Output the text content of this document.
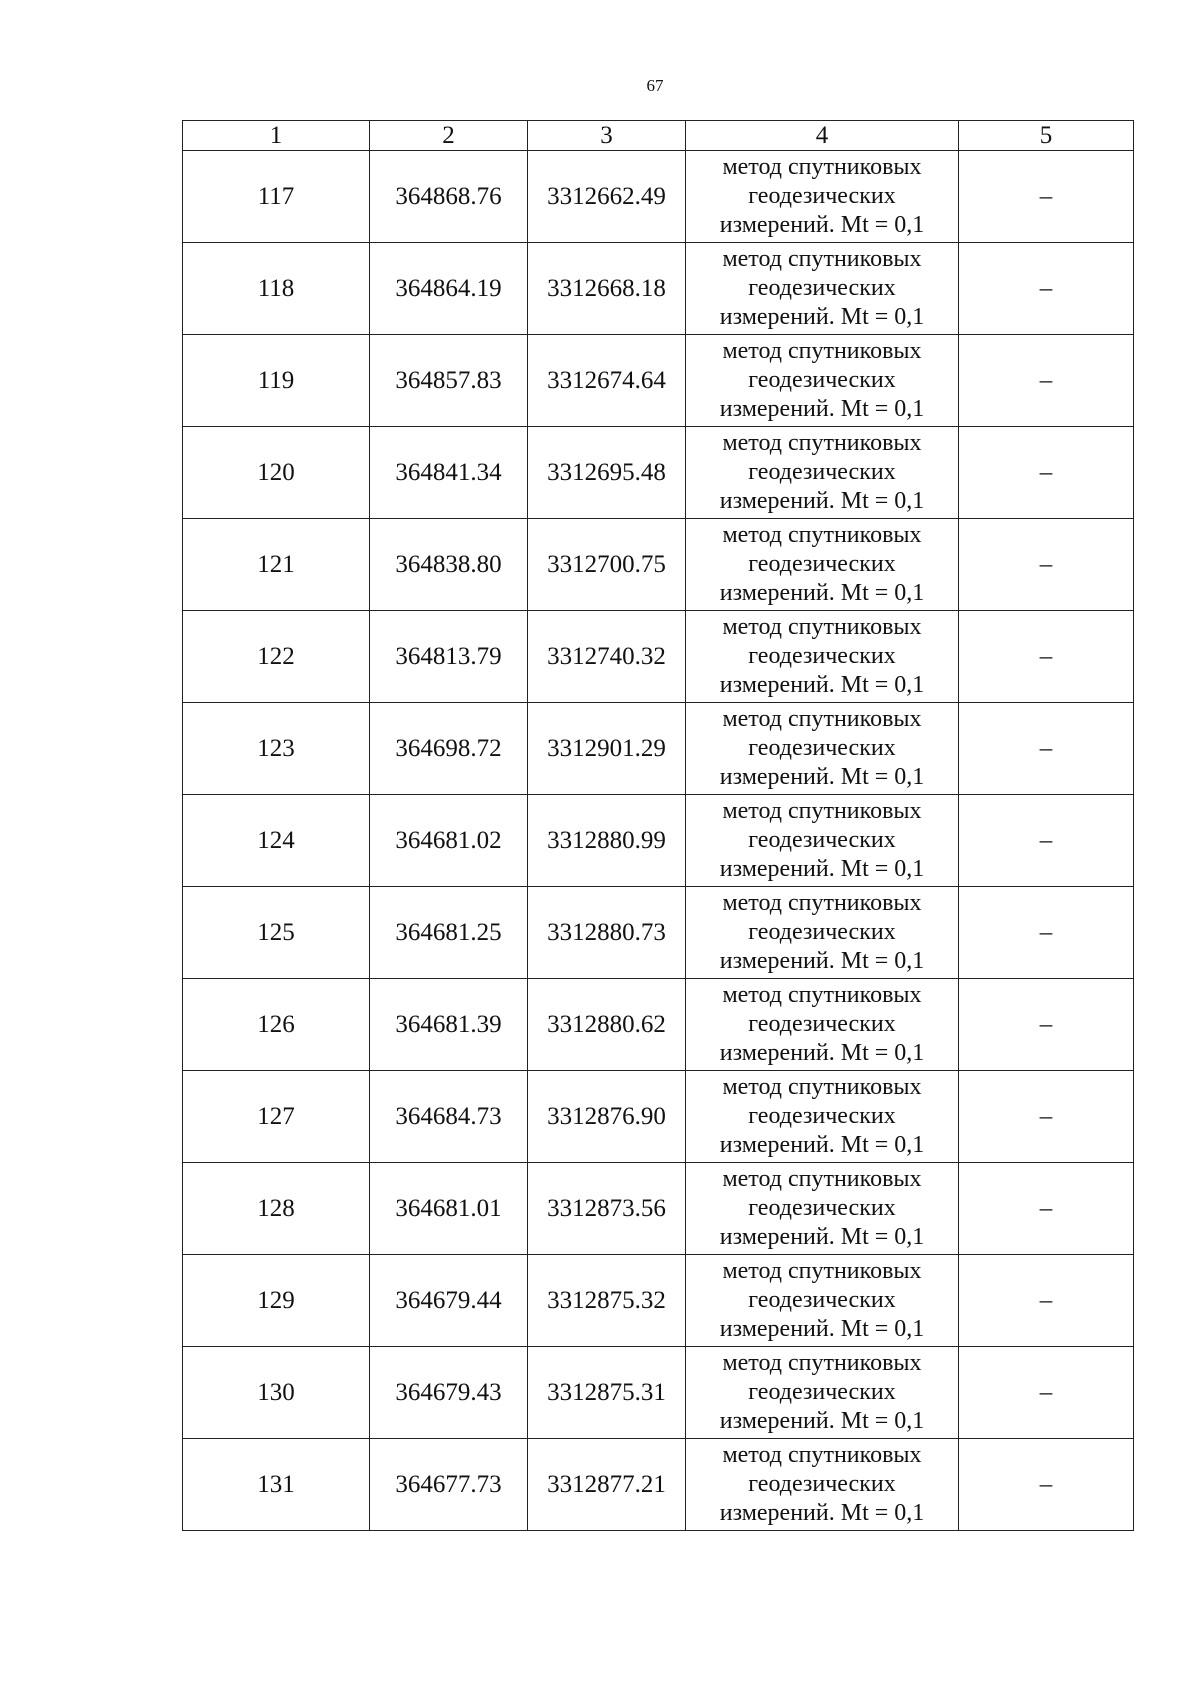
67
1	2	3	4	5
117	364868.76	3312662.49	метод спутниковых
геодезических
измерений. Mt = 0,1	–
118	364864.19	3312668.18	метод спутниковых
геодезических
измерений. Mt = 0,1	–
119	364857.83	3312674.64	метод спутниковых
геодезических
измерений. Mt = 0,1	–
120	364841.34	3312695.48	метод спутниковых
геодезических
измерений. Mt = 0,1	–
121	364838.80	3312700.75	метод спутниковых
геодезических
измерений. Mt = 0,1	–
122	364813.79	3312740.32	метод спутниковых
геодезических
измерений. Mt = 0,1	–
123	364698.72	3312901.29	метод спутниковых
геодезических
измерений. Mt = 0,1	–
124	364681.02	3312880.99	метод спутниковых
геодезических
измерений. Mt = 0,1	–
125	364681.25	3312880.73	метод спутниковых
геодезических
измерений. Mt = 0,1	–
126	364681.39	3312880.62	метод спутниковых
геодезических
измерений. Mt = 0,1	–
127	364684.73	3312876.90	метод спутниковых
геодезических
измерений. Mt = 0,1	–
128	364681.01	3312873.56	метод спутниковых
геодезических
измерений. Mt = 0,1	–
129	364679.44	3312875.32	метод спутниковых
геодезических
измерений. Mt = 0,1	–
130	364679.43	3312875.31	метод спутниковых
геодезических
измерений. Mt = 0,1	–
131	364677.73	3312877.21	метод спутниковых
геодезических
измерений. Mt = 0,1	–
